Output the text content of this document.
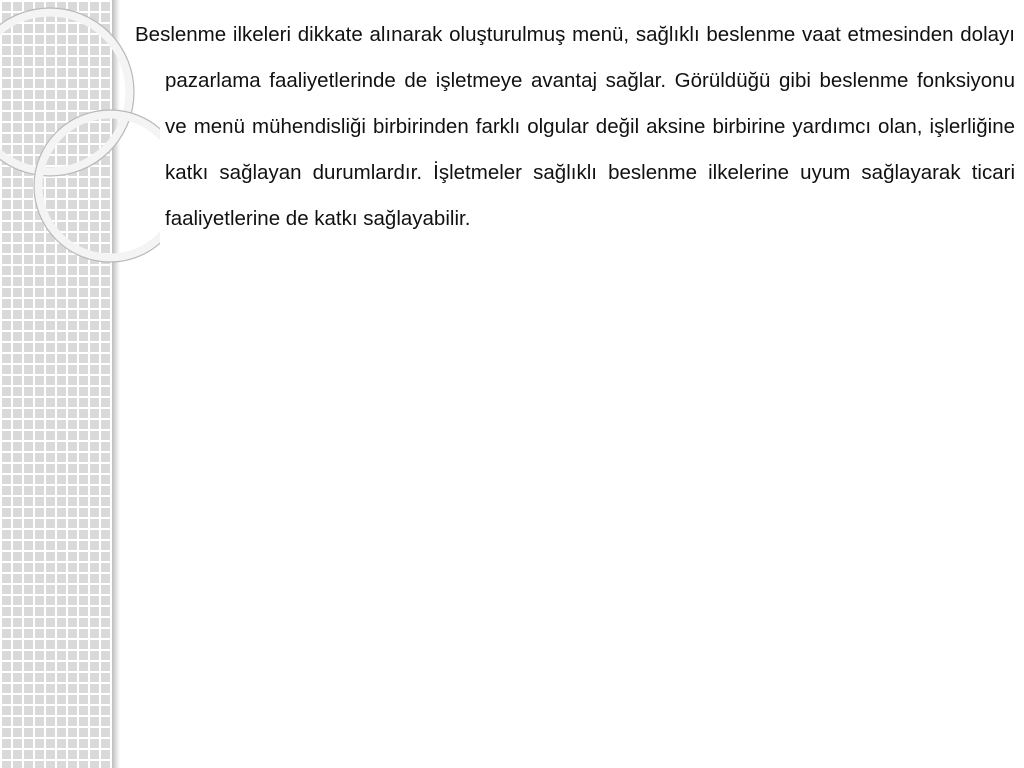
Beslenme ilkeleri dikkate alınarak oluşturulmuş menü, sağlıklı beslenme vaat etmesinden dolayı pazarlama faaliyetlerinde de işletmeye avantaj sağlar. Görüldüğü gibi beslenme fonksiyonu ve menü mühendisliği birbirinden farklı olgular değil aksine birbirine yardımcı olan, işlerliğine katkı sağlayan durumlardır. İşletmeler sağlıklı beslenme ilkelerine uyum sağlayarak ticari faaliyetlerine de katkı sağlayabilir.
